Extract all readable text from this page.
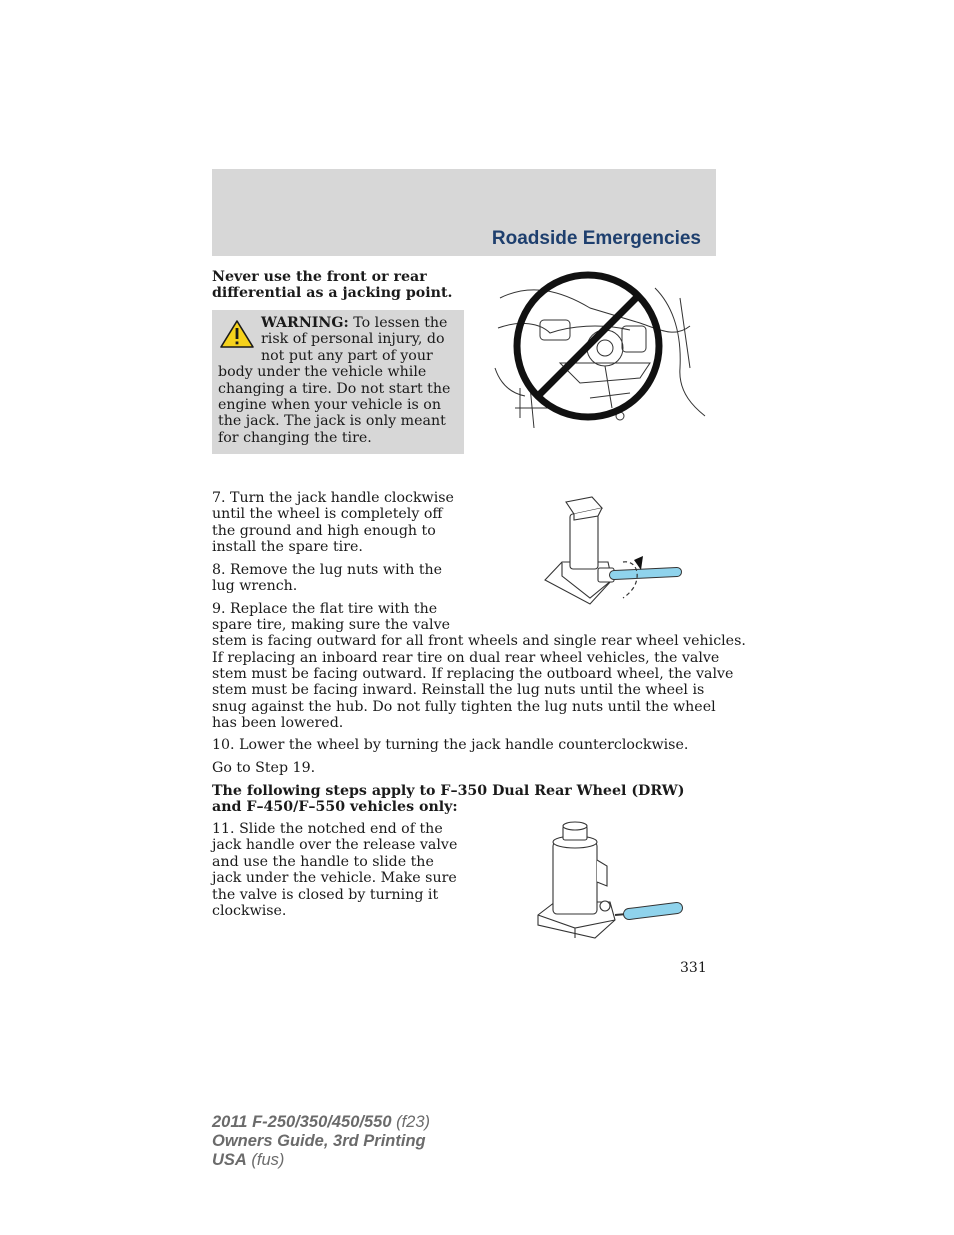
Roadside Emergencies

Never use the front or rear differential as a jacking point.

WARNING: To lessen the risk of personal injury, do not put any part of your body under the vehicle while changing a tire. Do not start the engine when your vehicle is on the jack. The jack is only meant for changing the tire.

7. Turn the jack handle clockwise until the wheel is completely off the ground and high enough to install the spare tire.

8. Remove the lug nuts with the lug wrench.

9. Replace the flat tire with the

spare tire, making sure the valve

stem is facing outward for all front wheels and single rear wheel vehicles.

If replacing an inboard rear tire on dual rear wheel vehicles, the valve

stem must be facing outward. If replacing the outboard wheel, the valve

stem must be facing inward. Reinstall the lug nuts until the wheel is

snug against the hub. Do not fully tighten the lug nuts until the wheel

has been lowered.

10. Lower the wheel by turning the jack handle counterclockwise.

Go to Step 19.

The following steps apply to F–350 Dual Rear Wheel (DRW) and F–450/F–550 vehicles only:

11. Slide the notched end of the jack handle over the release valve and use the handle to slide the jack under the vehicle. Make sure the valve is closed by turning it clockwise.

331
2011 F-250/350/450/550 (f23)
Owners Guide, 3rd Printing
USA (fus)
